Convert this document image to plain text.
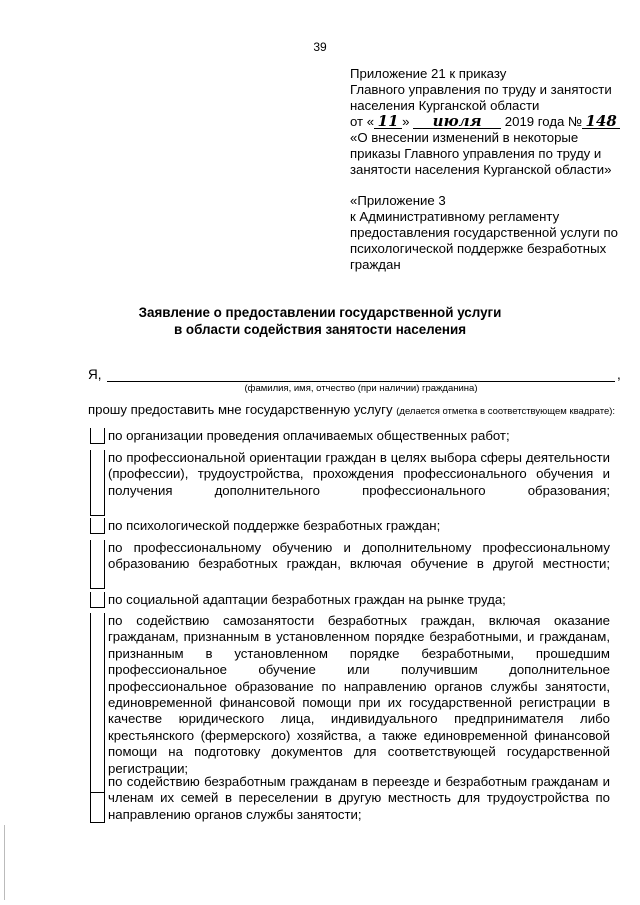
39
Приложение 21 к приказу
Главного управления по труду и занятости
населения Курганской области
от « 11 » июля 2019 года № 148
«О внесении изменений в некоторые
приказы Главного управления по труду и
занятости населения Курганской области»
«Приложение 3
к Административному регламенту
предоставления государственной услуги по
психологической поддержке безработных
граждан
Заявление о предоставлении государственной услуги
в области содействия занятости населения
Я,	,
(фамилия, имя, отчество (при наличии) гражданина)
прошу предоставить мне государственную услугу (делается отметка в соответствующем квадрате):
по организации проведения оплачиваемых общественных работ;
по профессиональной ориентации граждан в целях выбора сферы деятельности (профессии), трудоустройства, прохождения профессионального обучения и получения дополнительного профессионального образования;
по психологической поддержке безработных граждан;
по профессиональному обучению и дополнительному профессиональному образованию безработных граждан, включая обучение в другой местности;
по социальной адаптации безработных граждан на рынке труда;
по содействию самозанятости безработных граждан, включая оказание гражданам, признанным в установленном порядке безработными, и гражданам, признанным в установленном порядке безработными, прошедшим профессиональное обучение или получившим дополнительное профессиональное образование по направлению органов службы занятости, единовременной финансовой помощи при их государственной регистрации в качестве юридического лица, индивидуального предпринимателя либо крестьянского (фермерского) хозяйства, а также единовременной финансовой помощи на подготовку документов для соответствующей государственной регистрации;
по содействию безработным гражданам в переезде и безработным гражданам и членам их семей в переселении в другую местность для трудоустройства по направлению органов службы занятости;
